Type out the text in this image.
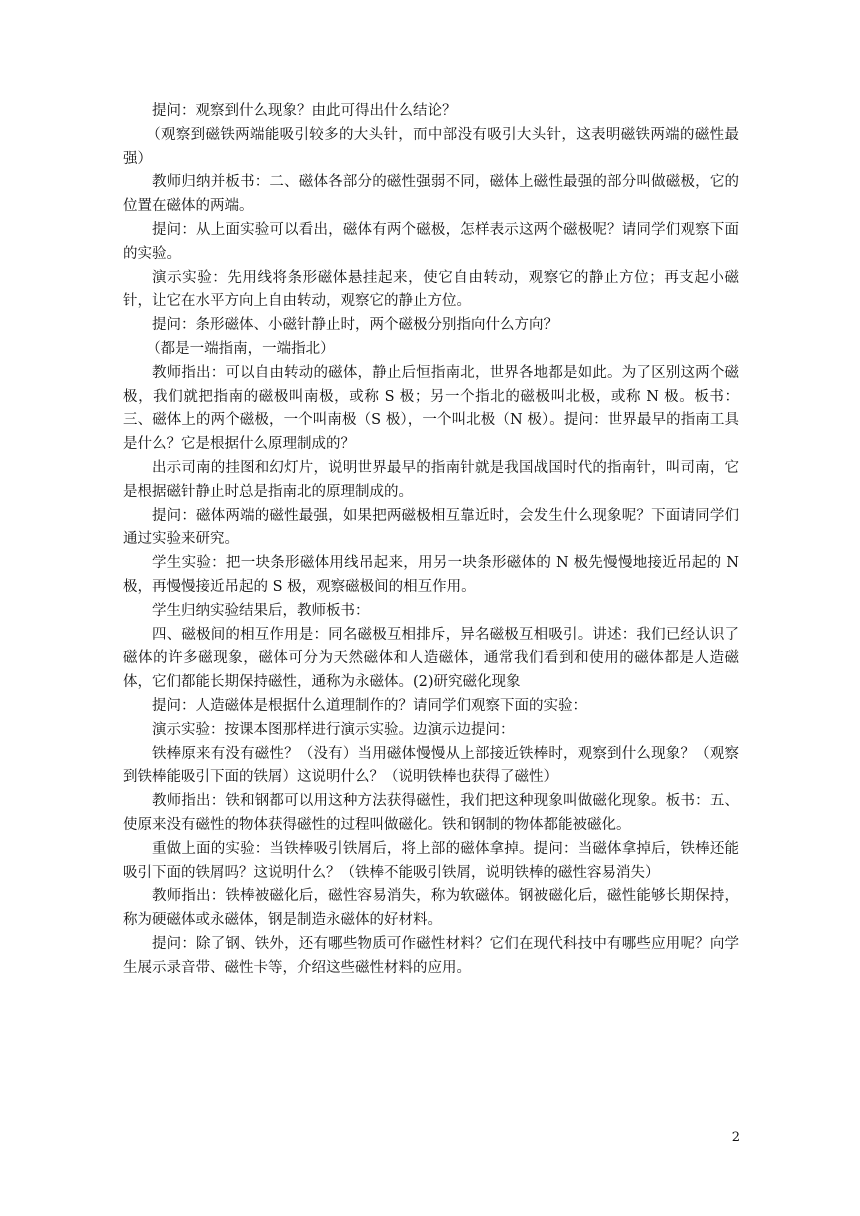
提问：观察到什么现象？由此可得出什么结论？

（观察到磁铁两端能吸引较多的大头针，而中部没有吸引大头针，这表明磁铁两端的磁性最强）

教师归纳并板书：二、磁体各部分的磁性强弱不同，磁体上磁性最强的部分叫做磁极，它的位置在磁体的两端。

提问：从上面实验可以看出，磁体有两个磁极，怎样表示这两个磁极呢？请同学们观察下面的实验。

演示实验：先用线将条形磁体悬挂起来，使它自由转动，观察它的静止方位；再支起小磁针，让它在水平方向上自由转动，观察它的静止方位。

提问：条形磁体、小磁针静止时，两个磁极分别指向什么方向？

（都是一端指南，一端指北）

教师指出：可以自由转动的磁体，静止后恒指南北，世界各地都是如此。为了区别这两个磁极，我们就把指南的磁极叫南极，或称 S 极；另一个指北的磁极叫北极，或称 N 极。板书：三、磁体上的两个磁极，一个叫南极（S 极），一个叫北极（N 极）。提问：世界最早的指南工具是什么？它是根据什么原理制成的？

出示司南的挂图和幻灯片，说明世界最早的指南针就是我国战国时代的指南针，叫司南，它是根据磁针静止时总是指南北的原理制成的。

提问：磁体两端的磁性最强，如果把两磁极相互靠近时，会发生什么现象呢？下面请同学们通过实验来研究。

学生实验：把一块条形磁体用线吊起来，用另一块条形磁体的 N 极先慢慢地接近吊起的 N 极，再慢慢接近吊起的 S 极，观察磁极间的相互作用。

学生归纳实验结果后，教师板书：

四、磁极间的相互作用是：同名磁极互相排斥，异名磁极互相吸引。讲述：我们已经认识了磁体的许多磁现象，磁体可分为天然磁体和人造磁体，通常我们看到和使用的磁体都是人造磁体，它们都能长期保持磁性，通称为永磁体。(2)研究磁化现象

提问：人造磁体是根据什么道理制作的？请同学们观察下面的实验：

演示实验：按课本图那样进行演示实验。边演示边提问：

铁棒原来有没有磁性？（没有）当用磁体慢慢从上部接近铁棒时，观察到什么现象？（观察到铁棒能吸引下面的铁屑）这说明什么？（说明铁棒也获得了磁性）

教师指出：铁和钢都可以用这种方法获得磁性，我们把这种现象叫做磁化现象。板书：五、使原来没有磁性的物体获得磁性的过程叫做磁化。铁和钢制的物体都能被磁化。

重做上面的实验：当铁棒吸引铁屑后，将上部的磁体拿掉。提问：当磁体拿掉后，铁棒还能吸引下面的铁屑吗？这说明什么？（铁棒不能吸引铁屑，说明铁棒的磁性容易消失）

教师指出：铁棒被磁化后，磁性容易消失，称为软磁体。钢被磁化后，磁性能够长期保持，称为硬磁体或永磁体，钢是制造永磁体的好材料。

提问：除了钢、铁外，还有哪些物质可作磁性材料？它们在现代科技中有哪些应用呢？向学生展示录音带、磁性卡等，介绍这些磁性材料的应用。

2
